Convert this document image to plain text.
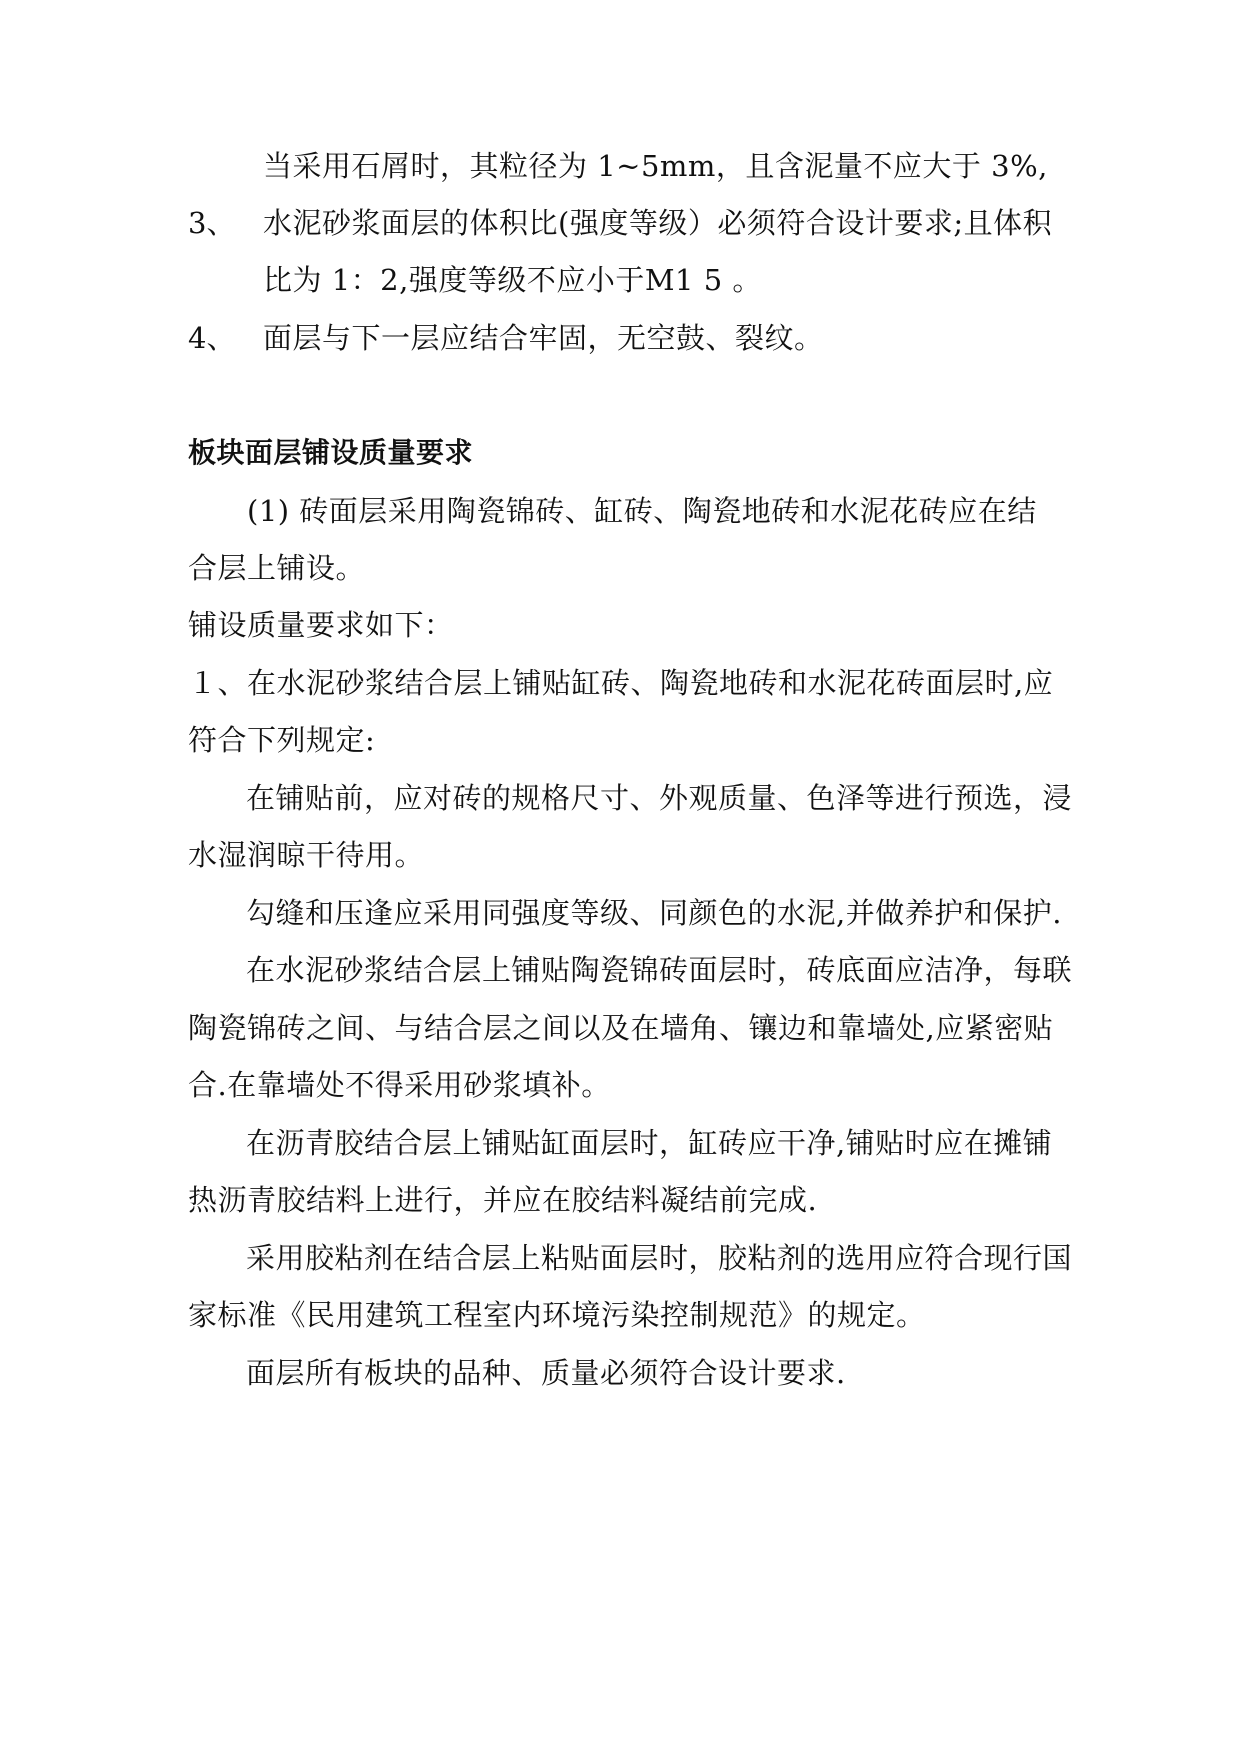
当采用石屑时，其粒径为 1~5mm，且含泥量不应大于 3%,
3、 水泥砂浆面层的体积比(强度等级）必须符合设计要求;且体积
比为 1：2,强度等级不应小于M1 5 。
4、 面层与下一层应结合牢固，无空鼓、裂纹。
板块面层铺设质量要求
(1) 砖面层采用陶瓷锦砖、缸砖、陶瓷地砖和水泥花砖应在结
合层上铺设。
铺设质量要求如下：
１、在水泥砂浆结合层上铺贴缸砖、陶瓷地砖和水泥花砖面层时,应
符合下列规定:
在铺贴前，应对砖的规格尺寸、外观质量、色泽等进行预选，浸
水湿润晾干待用。
勾缝和压逢应采用同强度等级、同颜色的水泥,并做养护和保护.
在水泥砂浆结合层上铺贴陶瓷锦砖面层时，砖底面应洁净，每联
陶瓷锦砖之间、与结合层之间以及在墙角、镶边和靠墙处,应紧密贴
合.在靠墙处不得采用砂浆填补。
在沥青胶结合层上铺贴缸面层时，缸砖应干净,铺贴时应在摊铺
热沥青胶结料上进行，并应在胶结料凝结前完成.
采用胶粘剂在结合层上粘贴面层时，胶粘剂的选用应符合现行国
家标准《民用建筑工程室内环境污染控制规范》的规定。
面层所有板块的品种、质量必须符合设计要求.
